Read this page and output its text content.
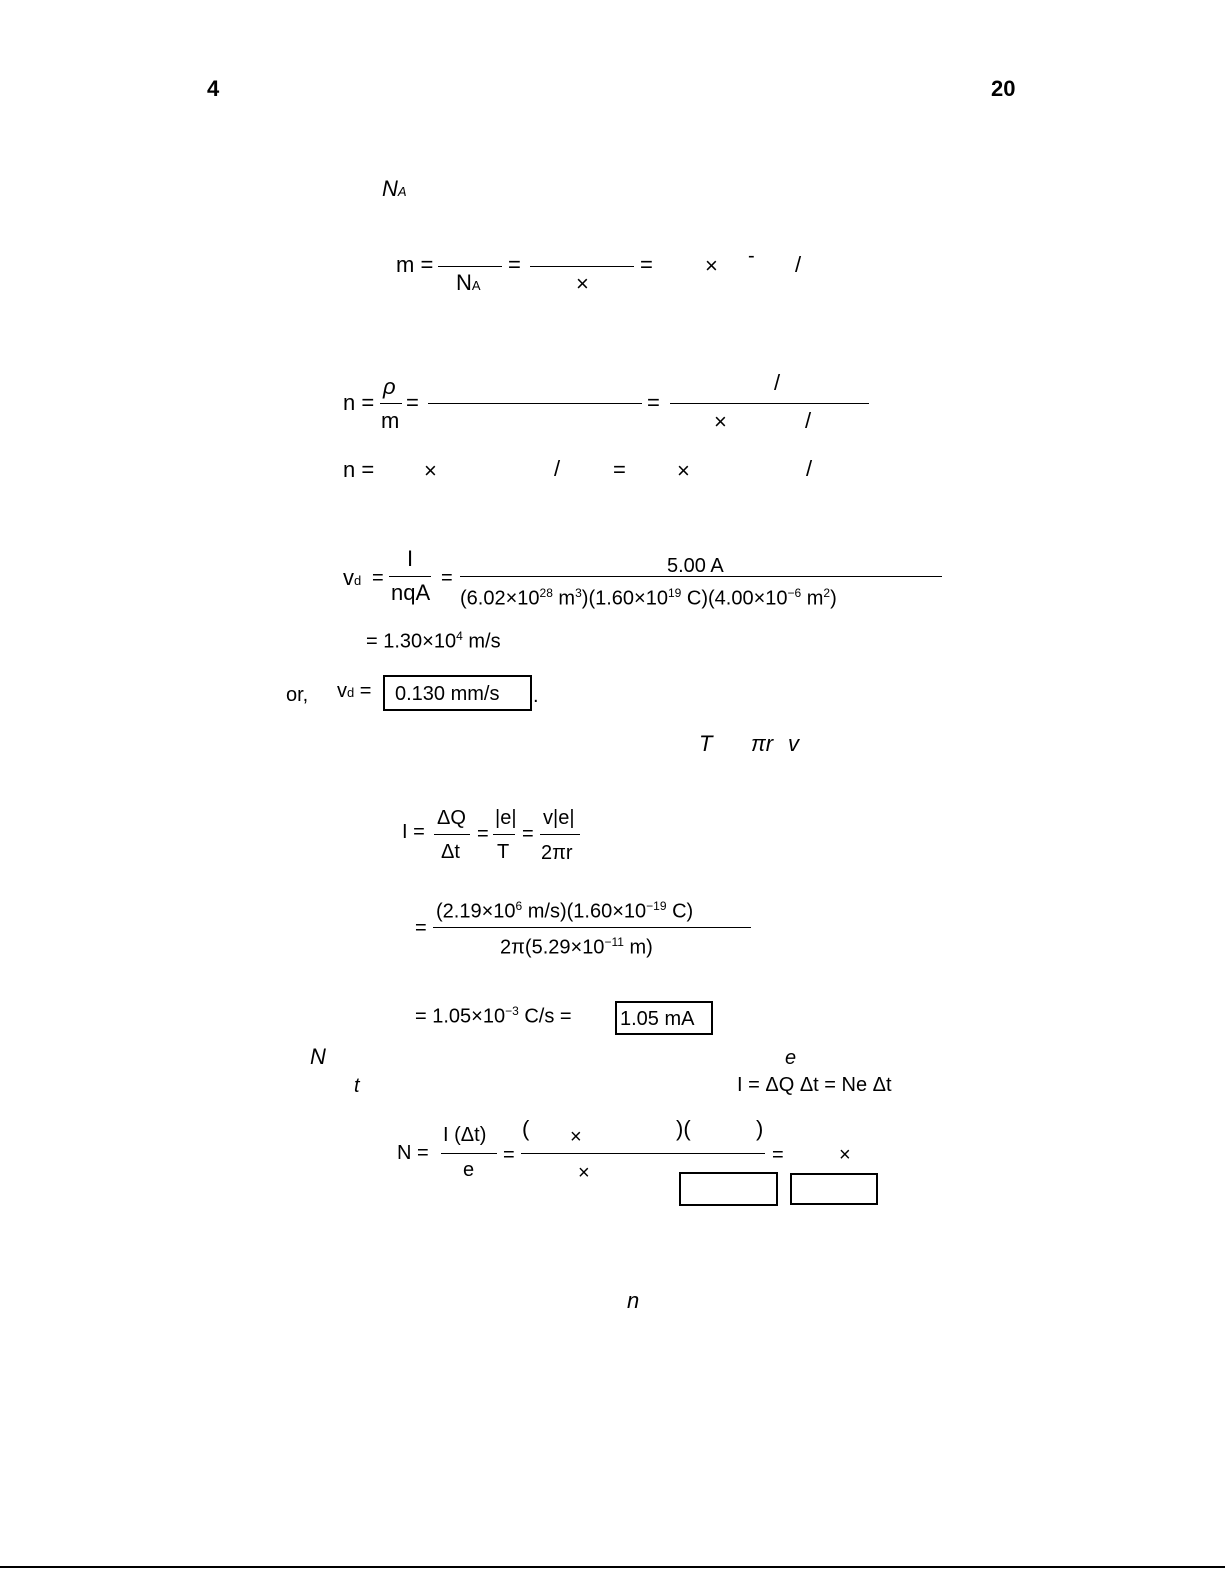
4	20
NA
m =
NA
=
×
= × - /
n =
ρ
m
=	=
/
×	/
n = ×	/ = ×	/
vd =
I
nqA
=
5.00 A
($6.02\times 10^{28}$ $m^3)(1.60\times 10^{19}$ $C)(4.00\times 10^{-6}$ $m^2$)
= $1.30\times 10^4$ m/s
or, vd = 0.130 mm/s .
T πr v
I =
ΔQ
Δt
=
|e|
T
=
v|e|
2πr
=
($2.19\times 10^6$ $m/s)(1.60\times 10^{-19}$ C)
$2\pi(5.29\times 10^{-11}$ m)
= $1.05\times 10^{-3}$ C/s = 1.05 mA
N	e
t	I = ΔQ Δt = Ne Δt
N =
I (Δt)
e
=
( ×	)(	)
×
=	×
n
